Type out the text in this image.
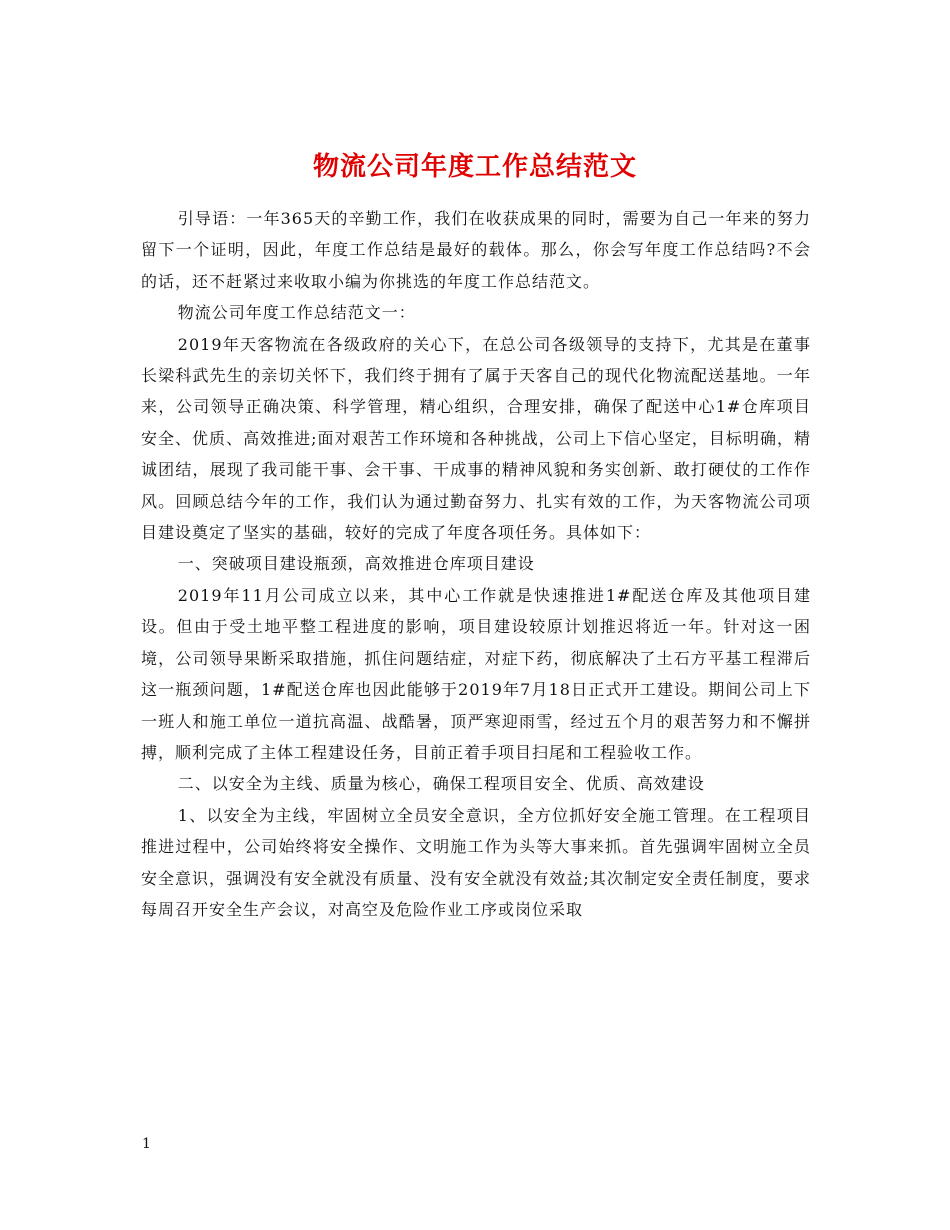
物流公司年度工作总结范文

引导语：一年365天的辛勤工作，我们在收获成果的同时，需要为自己一年来的努力留下一个证明，因此，年度工作总结是最好的载体。那么，你会写年度工作总结吗?不会的话，还不赶紧过来收取小编为你挑选的年度工作总结范文。

物流公司年度工作总结范文一：

2019年天客物流在各级政府的关心下，在总公司各级领导的支持下，尤其是在董事长梁科武先生的亲切关怀下，我们终于拥有了属于天客自己的现代化物流配送基地。一年来，公司领导正确决策、科学管理，精心组织，合理安排，确保了配送中心1#仓库项目安全、优质、高效推进;面对艰苦工作环境和各种挑战，公司上下信心坚定，目标明确，精诚团结，展现了我司能干事、会干事、干成事的精神风貌和务实创新、敢打硬仗的工作作风。回顾总结今年的工作，我们认为通过勤奋努力、扎实有效的工作，为天客物流公司项目建设奠定了坚实的基础，较好的完成了年度各项任务。具体如下：

一、突破项目建设瓶颈，高效推进仓库项目建设

2019年11月公司成立以来，其中心工作就是快速推进1#配送仓库及其他项目建设。但由于受土地平整工程进度的影响，项目建设较原计划推迟将近一年。针对这一困境，公司领导果断采取措施，抓住问题结症，对症下药，彻底解决了土石方平基工程滞后这一瓶颈问题，1#配送仓库也因此能够于2019年7月18日正式开工建设。期间公司上下一班人和施工单位一道抗高温、战酷暑，顶严寒迎雨雪，经过五个月的艰苦努力和不懈拼搏，顺利完成了主体工程建设任务，目前正着手项目扫尾和工程验收工作。

二、以安全为主线、质量为核心，确保工程项目安全、优质、高效建设

1、以安全为主线，牢固树立全员安全意识，全方位抓好安全施工管理。在工程项目推进过程中，公司始终将安全操作、文明施工作为头等大事来抓。首先强调牢固树立全员安全意识，强调没有安全就没有质量、没有安全就没有效益;其次制定安全责任制度，要求每周召开安全生产会议，对高空及危险作业工序或岗位采取

1
